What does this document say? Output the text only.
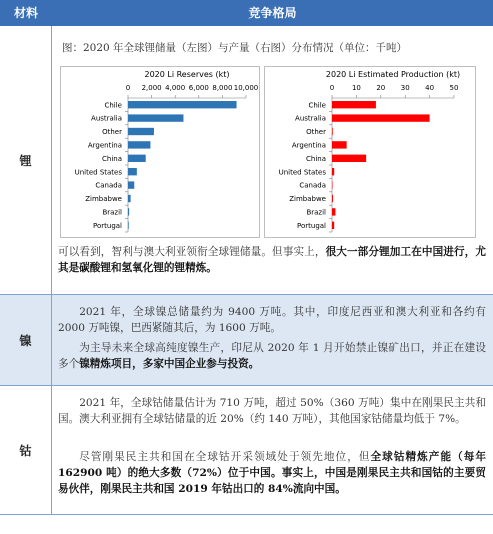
材料	竞争格局
锂
图：2020 年全球锂储量（左图）与产量（右图）分布情况（单位：千吨）
2020 Li Reserves (kt)
0 2,000 4,000 6,000 8,000 10,000
Chile
Australia
Other
Argentina
China
United States
Canada
Zimbabwe
Brazil
Portugal
2020 Li Estimated Production (kt)
0	10 20 30 40 50
Chile
Australia
Other
Argentina
China
United States
Canada
Zimbabwe
Brazil
Portugal

可以看到，智利与澳大利亚领衔全球锂储量。但事实上，很大一部分锂加工在中国进行，尤其是碳酸锂和氢氧化锂的锂精炼。

镍

2021 年，全球镍总储量约为 9400 万吨。其中，印度尼西亚和澳大利亚和各约有 2000 万吨镍，巴西紧随其后，为 1600 万吨。

为主导未来全球高纯度镍生产，印尼从 2020 年 1 月开始禁止镍矿出口，并正在建设多个镍精炼项目，多家中国企业参与投资。

钴

2021 年，全球钴储量估计为 710 万吨，超过 50%（360 万吨）集中在刚果民主共和国。澳大利亚拥有全球钴储量的近 20%（约 140 万吨），其他国家钴储量均低于 7%。

尽管刚果民主共和国在全球钴开采领域处于领先地位，但全球钴精炼产能（每年 162900 吨）的绝大多数（72%）位于中国。事实上，中国是刚果民主共和国钴的主要贸易伙伴，刚果民主共和国 2019 年钴出口的 84%流向中国。
